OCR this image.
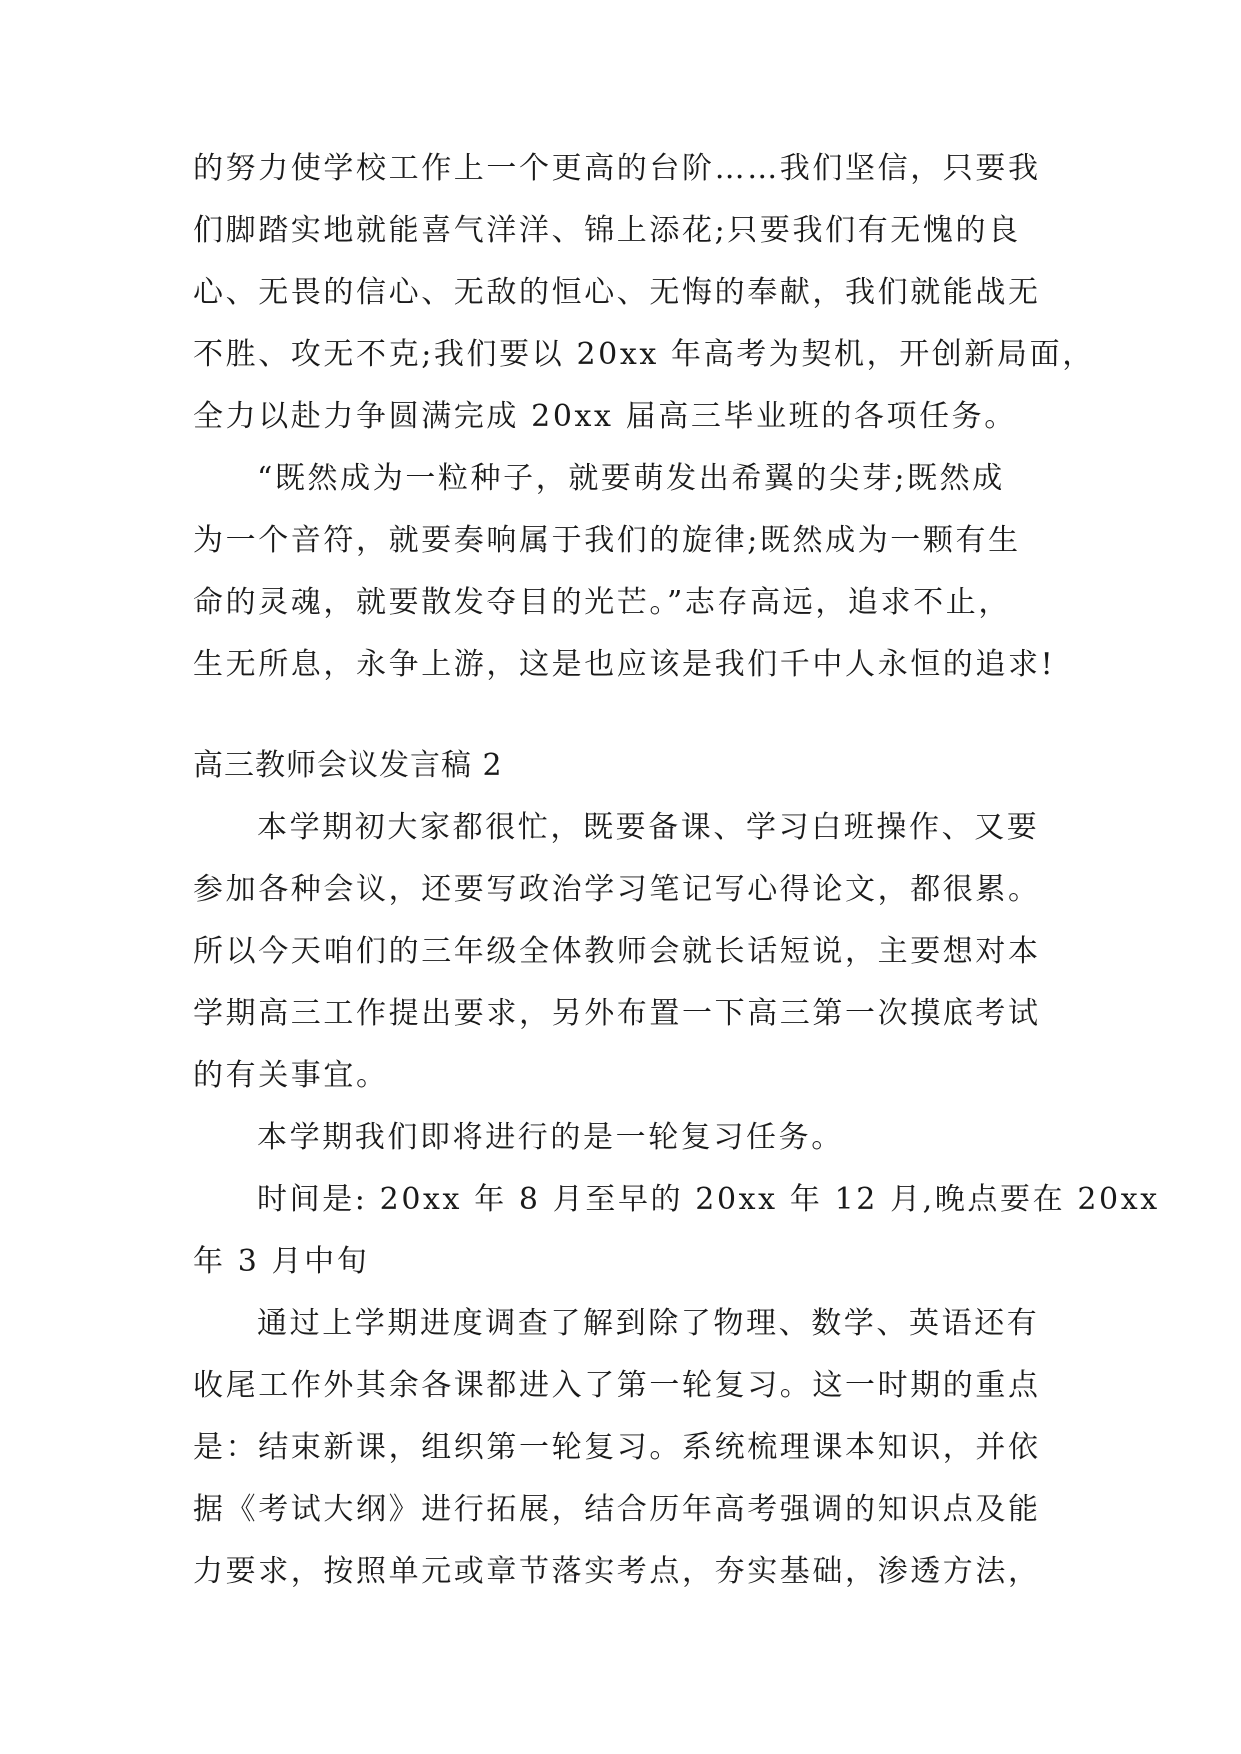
的努力使学校工作上一个更高的台阶……我们坚信，只要我

们脚踏实地就能喜气洋洋、锦上添花;只要我们有无愧的良

心、无畏的信心、无敌的恒心、无悔的奉献，我们就能战无

不胜、攻无不克;我们要以 20xx 年高考为契机，开创新局面，

全力以赴力争圆满完成 20xx 届高三毕业班的各项任务。

“既然成为一粒种子，就要萌发出希翼的尖芽;既然成

为一个音符，就要奏响属于我们的旋律;既然成为一颗有生

命的灵魂，就要散发夺目的光芒。”志存高远，追求不止，

生无所息，永争上游，这是也应该是我们千中人永恒的追求!

高三教师会议发言稿 2

本学期初大家都很忙，既要备课、学习白班操作、又要

参加各种会议，还要写政治学习笔记写心得论文，都很累。

所以今天咱们的三年级全体教师会就长话短说，主要想对本

学期高三工作提出要求，另外布置一下高三第一次摸底考试

的有关事宜。

本学期我们即将进行的是一轮复习任务。

时间是: 20xx 年 8 月至早的 20xx 年 12 月,晚点要在 20xx

年 3 月中旬

通过上学期进度调查了解到除了物理、数学、英语还有

收尾工作外其余各课都进入了第一轮复习。这一时期的重点

是：结束新课，组织第一轮复习。系统梳理课本知识，并依

据《考试大纲》进行拓展，结合历年高考强调的知识点及能

力要求，按照单元或章节落实考点，夯实基础，渗透方法，
